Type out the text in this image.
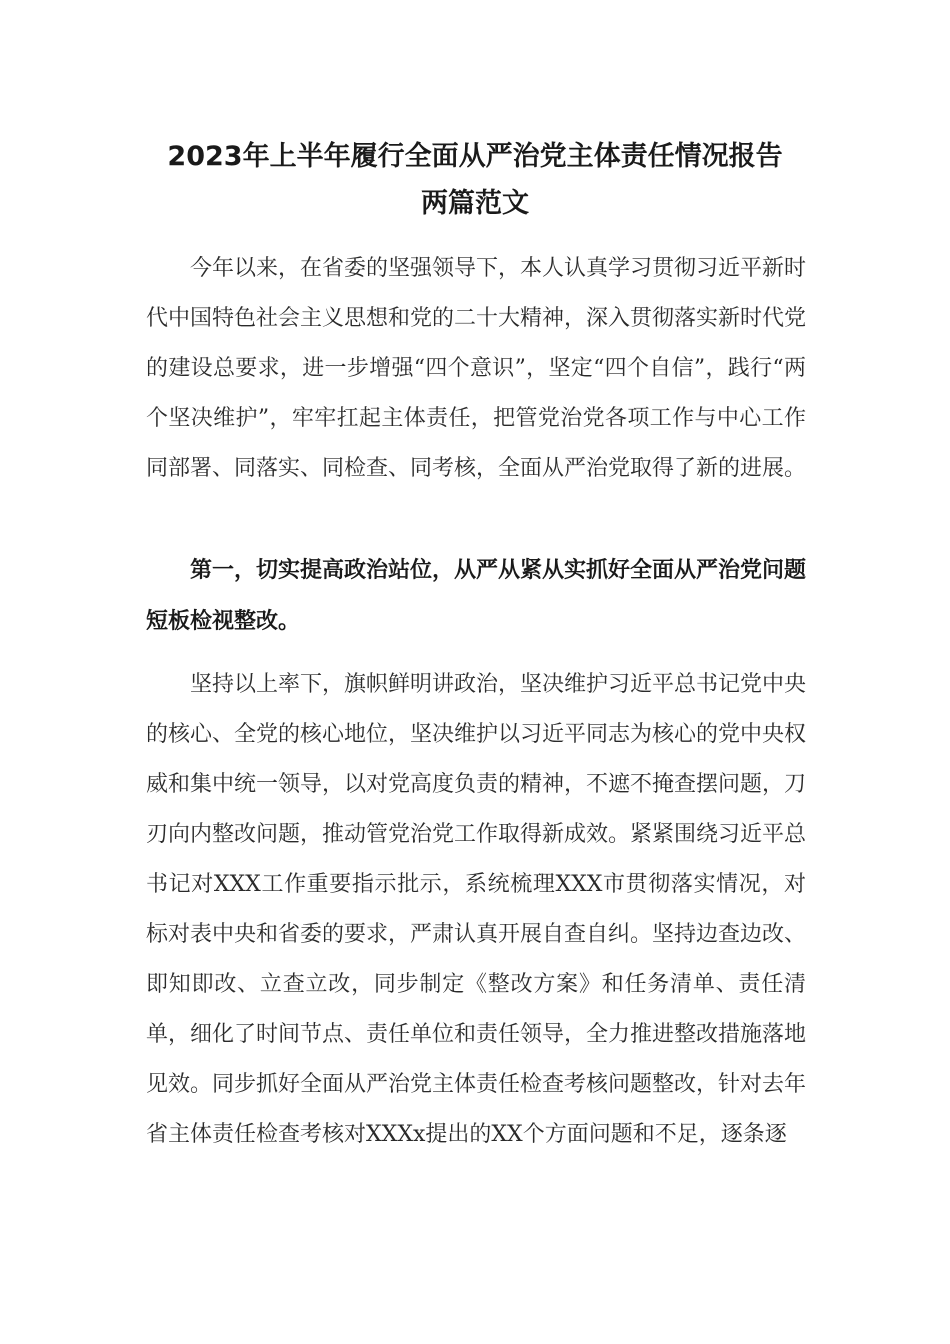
2023年上半年履行全面从严治党主体责任情况报告
两篇范文

今年以来，在省委的坚强领导下，本人认真学习贯彻习近平新时代中国特色社会主义思想和党的二十大精神，深入贯彻落实新时代党的建设总要求，进一步增强“四个意识”，坚定“四个自信”，践行“两个坚决维护”，牢牢扛起主体责任，把管党治党各项工作与中心工作同部署、同落实、同检查、同考核，全面从严治党取得了新的进展。

第一，切实提高政治站位，从严从紧从实抓好全面从严治党问题短板检视整改。

坚持以上率下，旗帜鲜明讲政治，坚决维护习近平总书记党中央的核心、全党的核心地位，坚决维护以习近平同志为核心的党中央权威和集中统一领导，以对党高度负责的精神，不遮不掩查摆问题，刀刃向内整改问题，推动管党治党工作取得新成效。紧紧围绕习近平总书记对XXX工作重要指示批示，系统梳理XXX市贯彻落实情况，对标对表中央和省委的要求，严肃认真开展自查自纠。坚持边查边改、即知即改、立查立改，同步制定《整改方案》和任务清单、责任清单，细化了时间节点、责任单位和责任领导，全力推进整改措施落地见效。同步抓好全面从严治党主体责任检查考核问题整改，针对去年省主体责任检查考核对XXXx提出的XX个方面问题和不足，逐条逐
